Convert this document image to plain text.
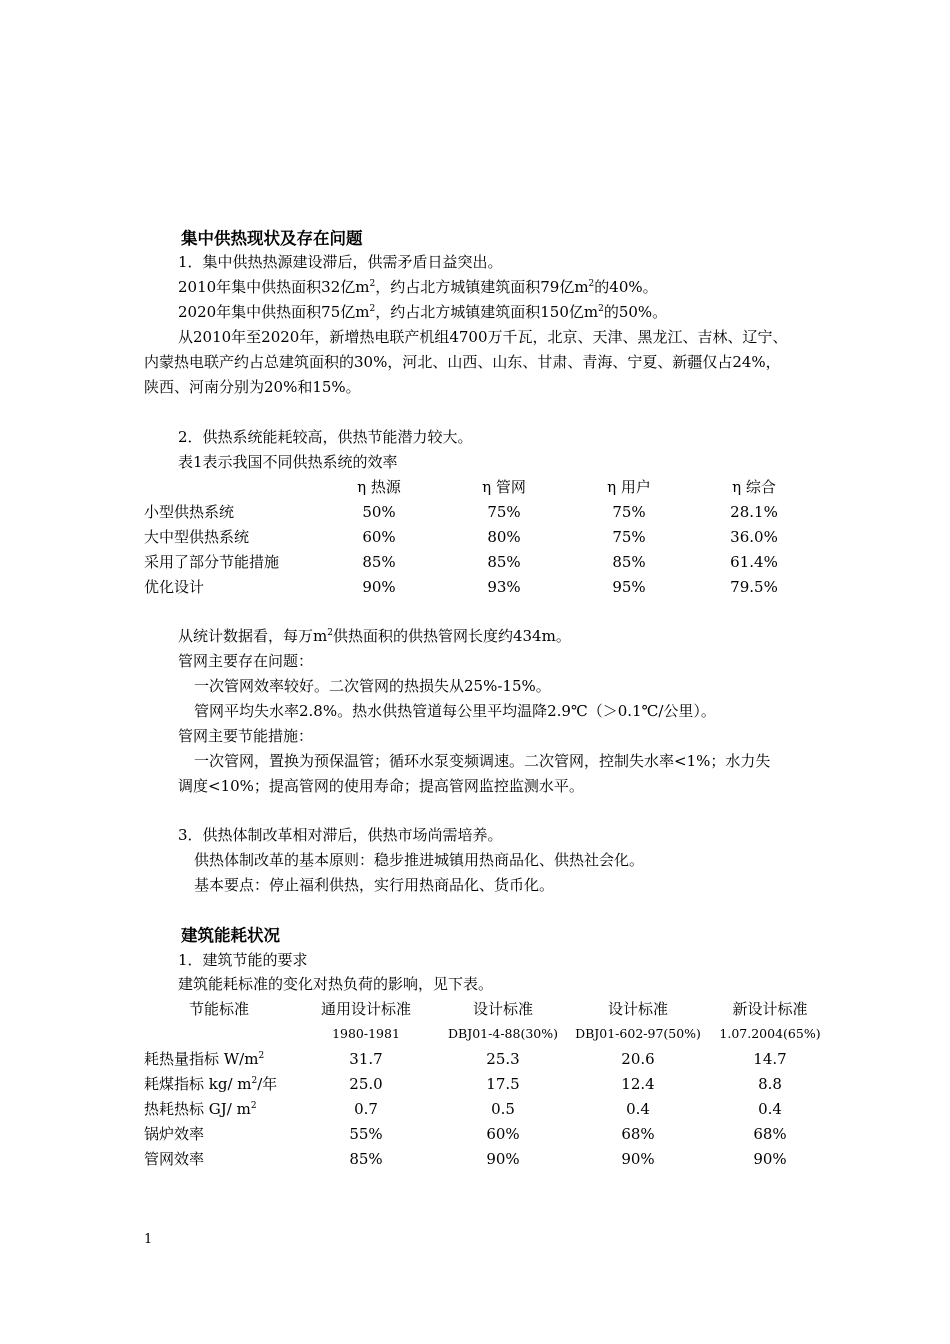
集中供热现状及存在问题
1．集中供热热源建设滞后，供需矛盾日益突出。
2010年集中供热面积32亿$m^2$，约占北方城镇建筑面积79亿$m^2$的40%。
2020年集中供热面积75亿$m^2$，约占北方城镇建筑面积150亿$m^2$的50%。
从2010年至2020年，新增热电联产机组4700万千瓦，北京、天津、黑龙江、吉林、辽宁、
内蒙热电联产约占总建筑面积的30%，河北、山西、山东、甘肃、青海、宁夏、新疆仅占24%，
陕西、河南分别为20%和15%。
2．供热系统能耗较高，供热节能潜力较大。
表1表示我国不同供热系统的效率
	η 热源	η 管网	η 用户	η 综合
小型供热系统	50%	75%	75%	28.1%
大中型供热系统	60%	80%	75%	36.0%
采用了部分节能措施	85%	85%	85%	61.4%
优化设计	90%	93%	95%	79.5%
从统计数据看，每万$m^2$供热面积的供热管网长度约434m。
管网主要存在问题：
一次管网效率较好。二次管网的热损失从25%-15%。
管网平均失水率2.8%。热水供热管道每公里平均温降2.9℃（＞0.1℃/公里）。
管网主要节能措施：
一次管网，置换为预保温管；循环水泵变频调速。二次管网，控制失水率<1%；水力失
调度<10%；提高管网的使用寿命；提高管网监控监测水平。
3．供热体制改革相对滞后，供热市场尚需培养。
供热体制改革的基本原则：稳步推进城镇用热商品化、供热社会化。
基本要点：停止福利供热，实行用热商品化、货币化。
建筑能耗状况
1．建筑节能的要求
建筑能耗标准的变化对热负荷的影响，见下表。
节能标准	通用设计标准	设计标准	设计标准	新设计标准
	1980-1981	DBJ01-4-88(30%)	DBJ01-602-97(50%)	1.07.2004(65%)
耗热量指标 $W/m^2$	31.7	25.3	20.6	14.7
耗煤指标 kg/ $m^2/$年	25.0	17.5	12.4	8.8
热耗热标 GJ/ $m^2$	0.7	0.5	0.4	0.4
锅炉效率	55%	60%	68%	68%
管网效率	85%	90%	90%	90%
1
